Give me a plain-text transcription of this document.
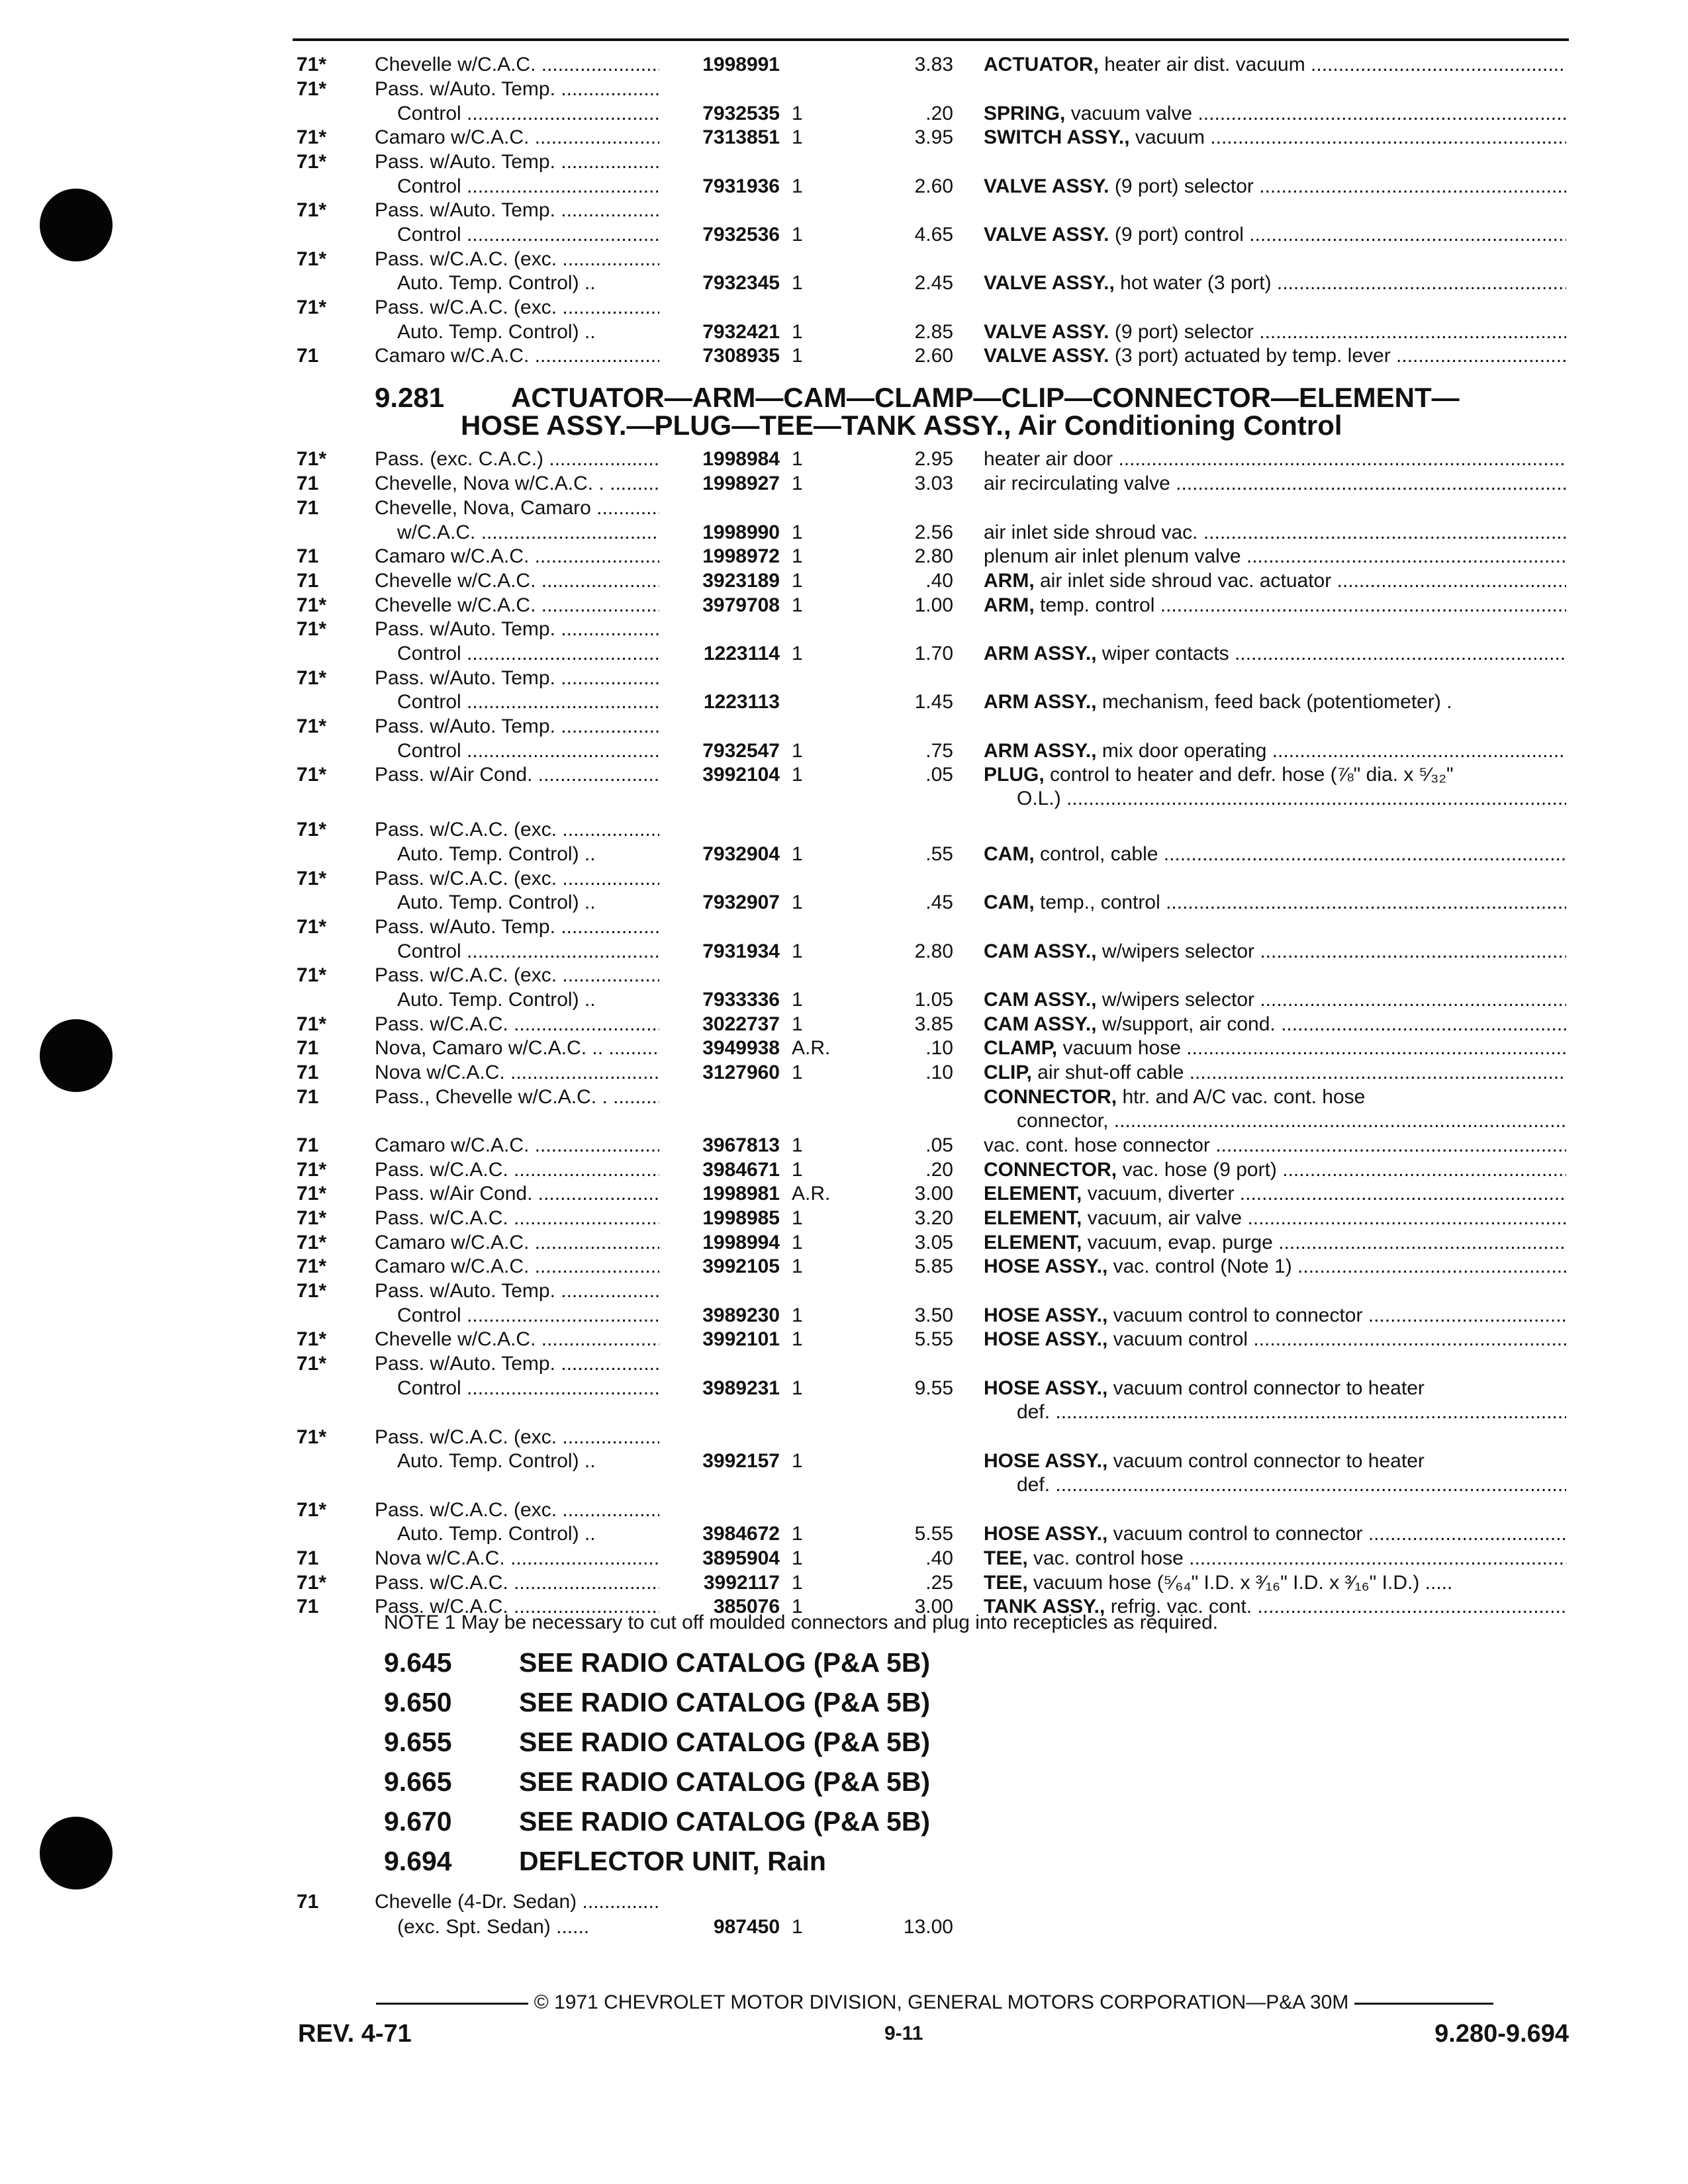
71*	Chevelle w/C.A.C. .....	1998991	3.83 ACTUATOR, heater air dist. vacuum .....
71*	Pass. w/Auto. Temp. .....
Control .....	7932535 1	.20 SPRING, vacuum valve .....
71*	Camaro w/C.A.C. .....	7313851 1	3.95 SWITCH ASSY., vacuum .....
71*	Pass. w/Auto. Temp. .....
Control .....	7931936 1	2.60 VALVE ASSY. (9 port) selector .....
71*	Pass. w/Auto. Temp. .....
Control .....	7932536 1	4.65 VALVE ASSY. (9 port) control .....
71*	Pass. w/C.A.C. (exc. .....
Auto. Temp. Control) ..	7932345 1	2.45 VALVE ASSY., hot water (3 port) .....
71*	Pass. w/C.A.C. (exc. .....
Auto. Temp. Control) ..	7932421 1	2.85 VALVE ASSY. (9 port) selector .....
71	Camaro w/C.A.C. .....	7308935 1	2.60 VALVE ASSY. (3 port) actuated by temp. lever .....
9.281 ACTUATOR—ARM—CAM—CLAMP—CLIP—CONNECTOR—ELEMENT—
HOSE ASSY.—PLUG—TEE—TANK ASSY., Air Conditioning Control
71*	Pass. (exc. C.A.C.) .....	1998984 1	2.95 heater air door .....
71	Chevelle, Nova w/C.A.C. . .....	1998927 1	3.03 air recirculating valve .....
71	Chevelle, Nova, Camaro .....
w/C.A.C. .....	1998990 1	2.56 air inlet side shroud vac. .....
71	Camaro w/C.A.C. .....	1998972 1	2.80 plenum air inlet plenum valve .....
71	Chevelle w/C.A.C. .....	3923189 1	.40 ARM, air inlet side shroud vac. actuator .....
71*	Chevelle w/C.A.C. .....	3979708 1	1.00 ARM, temp. control .....
71*	Pass. w/Auto. Temp. .....
Control .....	1223114 1	1.70 ARM ASSY., wiper contacts .....
71*	Pass. w/Auto. Temp. .....
Control .....	1223113	1.45 ARM ASSY., mechanism, feed back (potentiometer) .
71*	Pass. w/Auto. Temp. .....
Control .....	7932547 1	.75 ARM ASSY., mix door operating .....
71*	Pass. w/Air Cond. .....	3992104 1	.05 PLUG, control to heater and defr. hose (⅞" dia. x ⁵⁄₃₂"
O.L.) .....
71*	Pass. w/C.A.C. (exc. .....
Auto. Temp. Control) ..	7932904 1	.55 CAM, control, cable .....
71*	Pass. w/C.A.C. (exc. .....
Auto. Temp. Control) ..	7932907 1	.45 CAM, temp., control .....
71*	Pass. w/Auto. Temp. .....
Control .....	7931934 1	2.80 CAM ASSY., w/wipers selector .....
71*	Pass. w/C.A.C. (exc. .....
Auto. Temp. Control) ..	7933336 1	1.05 CAM ASSY., w/wipers selector .....
71*	Pass. w/C.A.C. .....	3022737 1	3.85 CAM ASSY., w/support, air cond. .....
71	Nova, Camaro w/C.A.C. .. .....	3949938 A.R.	.10 CLAMP, vacuum hose .....
71	Nova w/C.A.C. .....	3127960 1	.10 CLIP, air shut-off cable .....
71	Pass., Chevelle w/C.A.C. . .....	CONNECTOR, htr. and A/C vac. cont. hose
connector, .....
71	Camaro w/C.A.C. .....	3967813 1	.05 vac. cont. hose connector .....
71*	Pass. w/C.A.C. .....	3984671 1	.20 CONNECTOR, vac. hose (9 port) .....
71*	Pass. w/Air Cond. .....	1998981 A.R.	3.00 ELEMENT, vacuum, diverter .....
71*	Pass. w/C.A.C. .....	1998985 1	3.20 ELEMENT, vacuum, air valve .....
71*	Camaro w/C.A.C. .....	1998994 1	3.05 ELEMENT, vacuum, evap. purge .....
71*	Camaro w/C.A.C. .....	3992105 1	5.85 HOSE ASSY., vac. control (Note 1) .....
71*	Pass. w/Auto. Temp. .....
Control .....	3989230 1	3.50 HOSE ASSY., vacuum control to connector .....
71*	Chevelle w/C.A.C. .....	3992101 1	5.55 HOSE ASSY., vacuum control .....
71*	Pass. w/Auto. Temp. .....
Control .....	3989231 1	9.55 HOSE ASSY., vacuum control connector to heater
def. .....
71*	Pass. w/C.A.C. (exc. .....
Auto. Temp. Control) ..	3992157 1	HOSE ASSY., vacuum control connector to heater
def. .....
71*	Pass. w/C.A.C. (exc. .....
Auto. Temp. Control) ..	3984672 1	5.55 HOSE ASSY., vacuum control to connector .....
71	Nova w/C.A.C. .....	3895904 1	.40 TEE, vac. control hose .....
71*	Pass. w/C.A.C. .....	3992117 1	.25 TEE, vacuum hose (⁵⁄₆₄" I.D. x ³⁄₁₆" I.D. x ³⁄₁₆" I.D.) .....
71	Pass. w/C.A.C. .....	385076 1	3.00 TANK ASSY., refrig. vac. cont. .....
NOTE 1 May be necessary to cut off moulded connectors and plug into recepticles as required.
9.645 SEE RADIO CATALOG (P&A 5B)
9.650 SEE RADIO CATALOG (P&A 5B)
9.655 SEE RADIO CATALOG (P&A 5B)
9.665 SEE RADIO CATALOG (P&A 5B)
9.670 SEE RADIO CATALOG (P&A 5B)
9.694 DEFLECTOR UNIT, Rain
71	Chevelle (4-Dr. Sedan) .....
(exc. Spt. Sedan) ......	987450 1	13.00
© 1971 CHEVROLET MOTOR DIVISION, GENERAL MOTORS CORPORATION—P&A 30M
REV. 4-71	9-11	9.280-9.694
